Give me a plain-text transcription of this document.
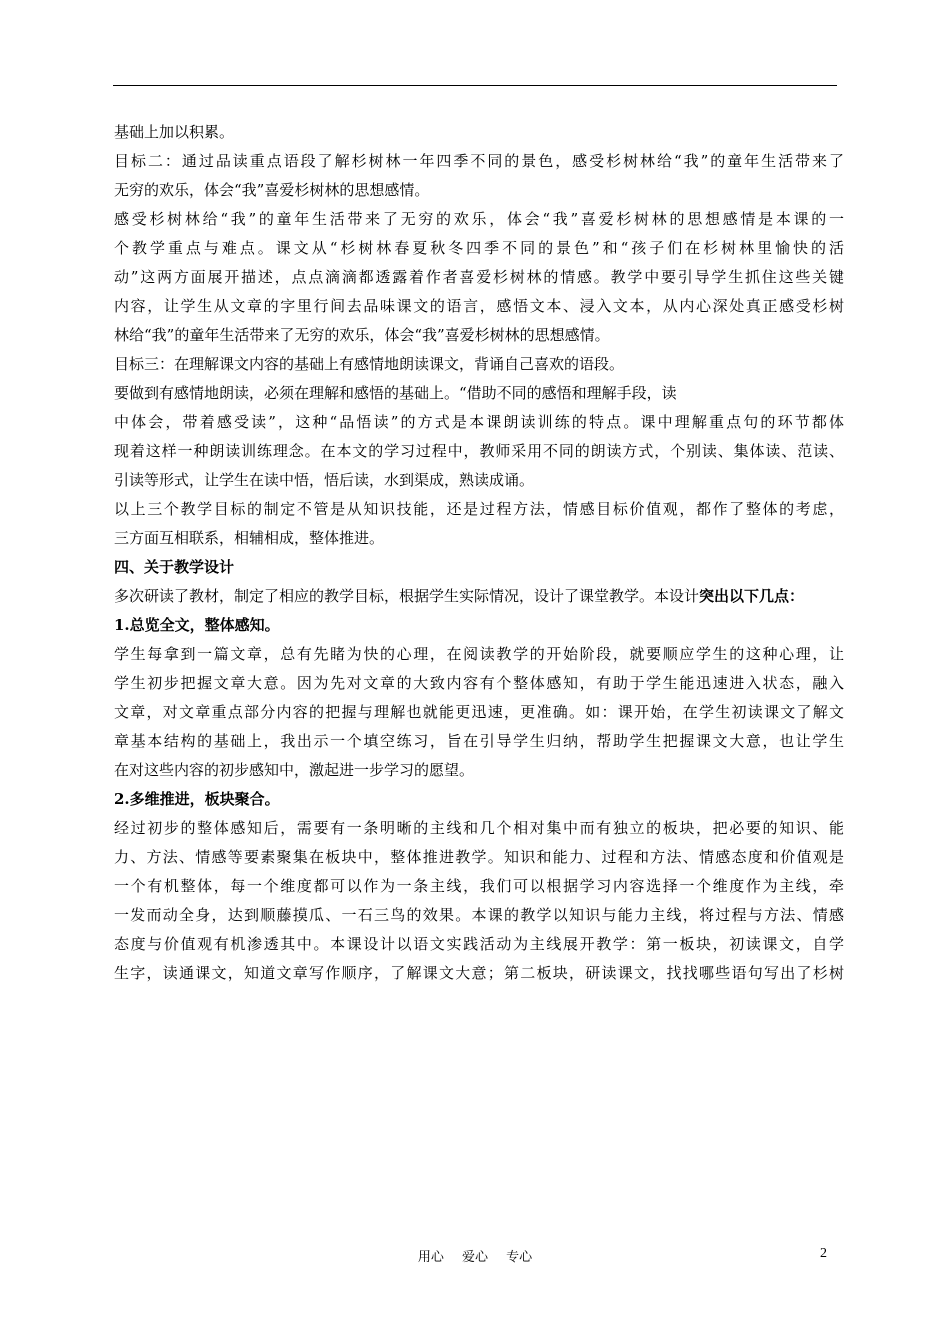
基础上加以积累。
目标二：通过品读重点语段了解杉树林一年四季不同的景色，感受杉树林给“我”的童年生活带来了
无穷的欢乐，体会“我”喜爱杉树林的思想感情。
感受杉树林给“我”的童年生活带来了无穷的欢乐，体会“我”喜爱杉树林的思想感情是本课的一
个教学重点与难点。课文从“杉树林春夏秋冬四季不同的景色”和“孩子们在杉树林里愉快的活
动”这两方面展开描述，点点滴滴都透露着作者喜爱杉树林的情感。教学中要引导学生抓住这些关键
内容，让学生从文章的字里行间去品味课文的语言，感悟文本、浸入文本，从内心深处真正感受杉树
林给“我”的童年生活带来了无穷的欢乐，体会“我”喜爱杉树林的思想感情。
目标三：在理解课文内容的基础上有感情地朗读课文，背诵自己喜欢的语段。
要做到有感情地朗读，必须在理解和感悟的基础上。“借助不同的感悟和理解手段，读
中体会，带着感受读”，这种“品悟读”的方式是本课朗读训练的特点。课中理解重点句的环节都体
现着这样一种朗读训练理念。在本文的学习过程中，教师采用不同的朗读方式，个别读、集体读、范读、
引读等形式，让学生在读中悟，悟后读，水到渠成，熟读成诵。
以上三个教学目标的制定不管是从知识技能，还是过程方法，情感目标价值观，都作了整体的考虑，
三方面互相联系，相辅相成，整体推进。
四、关于教学设计
多次研读了教材，制定了相应的教学目标，根据学生实际情况，设计了课堂教学。本设计突出以下几点：
1.总览全文，整体感知。
学生每拿到一篇文章，总有先睹为快的心理，在阅读教学的开始阶段，就要顺应学生的这种心理，让
学生初步把握文章大意。因为先对文章的大致内容有个整体感知，有助于学生能迅速进入状态，融入
文章，对文章重点部分内容的把握与理解也就能更迅速，更准确。如：课开始，在学生初读课文了解文
章基本结构的基础上，我出示一个填空练习，旨在引导学生归纳，帮助学生把握课文大意，也让学生
在对这些内容的初步感知中，激起进一步学习的愿望。
2.多维推进，板块聚合。
经过初步的整体感知后，需要有一条明晰的主线和几个相对集中而有独立的板块，把必要的知识、能
力、方法、情感等要素聚集在板块中，整体推进教学。知识和能力、过程和方法、情感态度和价值观是
一个有机整体，每一个维度都可以作为一条主线，我们可以根据学习内容选择一个维度作为主线，牵
一发而动全身，达到顺藤摸瓜、一石三鸟的效果。本课的教学以知识与能力主线，将过程与方法、情感
态度与价值观有机渗透其中。本课设计以语文实践活动为主线展开教学：第一板块，初读课文，自学
生字，读通课文，知道文章写作顺序，了解课文大意；第二板块，研读课文，找找哪些语句写出了杉树
用心 爱心 专心	2
